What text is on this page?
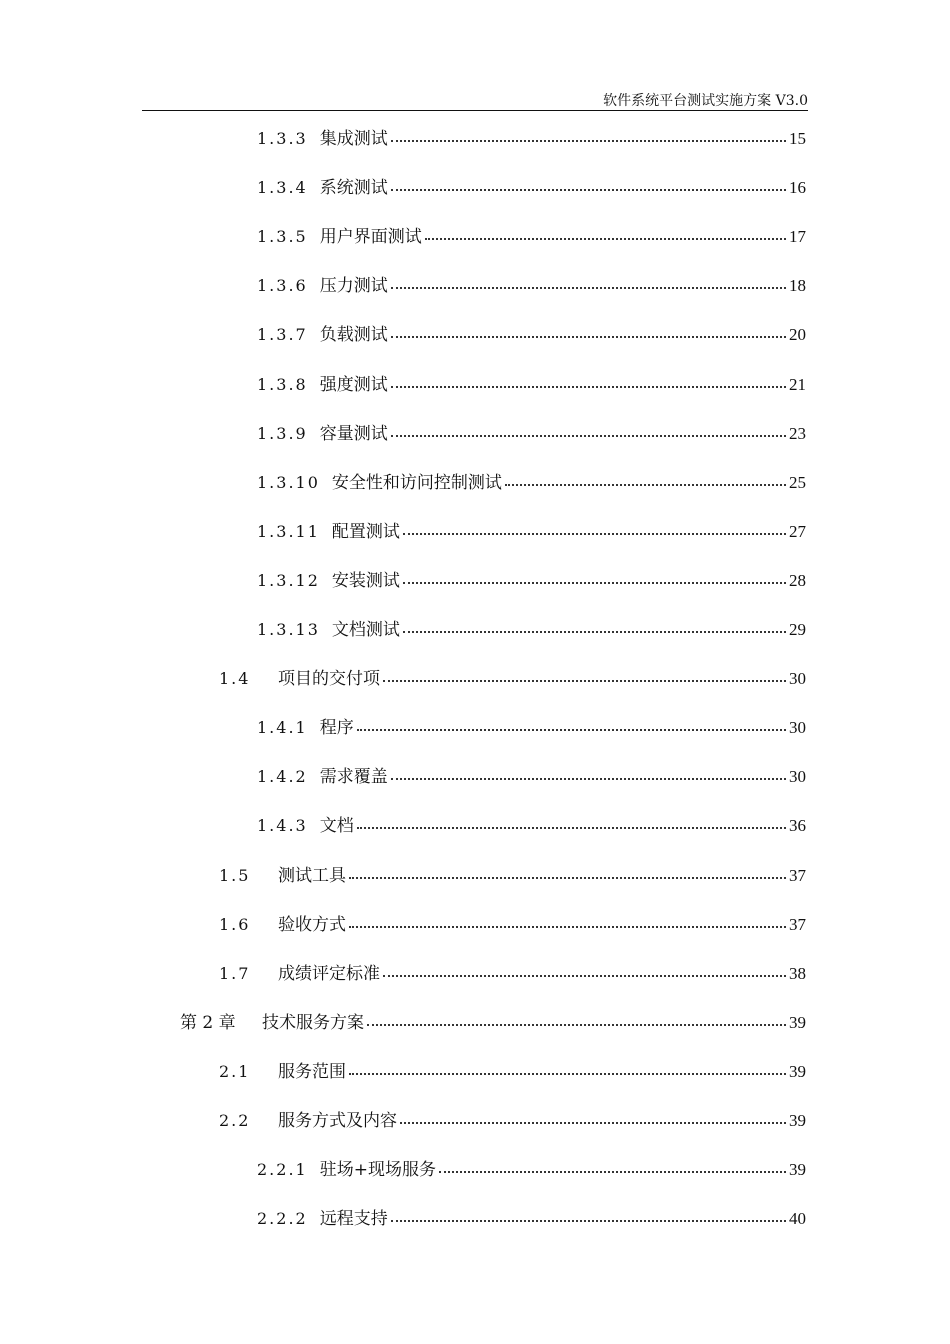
软件系统平台测试实施方案 V3.0
1.3.3 集成测试	15
1.3.4 系统测试	16
1.3.5 用户界面测试	17
1.3.6 压力测试	18
1.3.7 负载测试	20
1.3.8 强度测试	21
1.3.9 容量测试	23
1.3.10 安全性和访问控制测试	25
1.3.11 配置测试	27
1.3.12 安装测试	28
1.3.13 文档测试	29
1.4	项目的交付项	30
1.4.1 程序	30
1.4.2 需求覆盖	30
1.4.3 文档	36
1.5	测试工具	37
1.6	验收方式	37
1.7	成绩评定标准	38
第 2 章	技术服务方案	39
2.1	服务范围	39
2.2	服务方式及内容	39
2.2.1 驻场+现场服务	39
2.2.2 远程支持	40
